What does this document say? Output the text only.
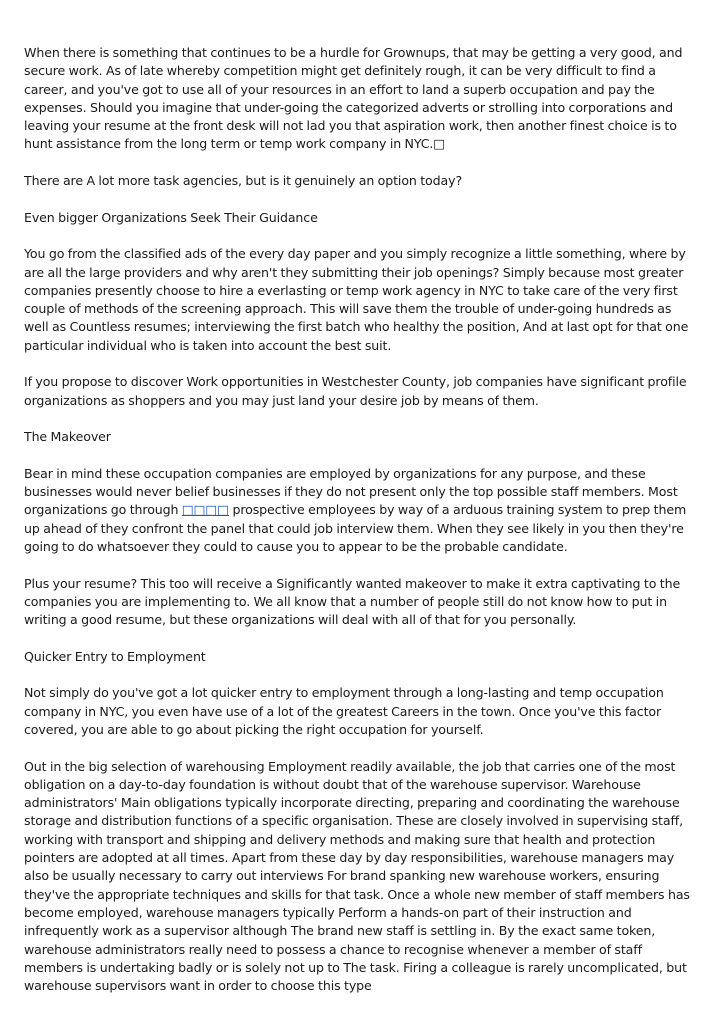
When there is something that continues to be a hurdle for Grownups, that may be getting a very good, and secure work. As of late whereby competition might get definitely rough, it can be very difficult to find a career, and you've got to use all of your resources in an effort to land a superb occupation and pay the expenses. Should you imagine that under-going the categorized adverts or strolling into corporations and leaving your resume at the front desk will not lad you that aspiration work, then another finest choice is to hunt assistance from the long term or temp work company in NYC.□

There are A lot more task agencies, but is it genuinely an option today?

Even bigger Organizations Seek Their Guidance

You go from the classified ads of the every day paper and you simply recognize a little something, where by are all the large providers and why aren't they submitting their job openings? Simply because most greater companies presently choose to hire a everlasting or temp work agency in NYC to take care of the very first couple of methods of the screening approach. This will save them the trouble of under-going hundreds as well as Countless resumes; interviewing the first batch who healthy the position, And at last opt for that one particular individual who is taken into account the best suit.

If you propose to discover Work opportunities in Westchester County, job companies have significant profile organizations as shoppers and you may just land your desire job by means of them.

The Makeover

Bear in mind these occupation companies are employed by organizations for any purpose, and these businesses would never belief businesses if they do not present only the top possible staff members. Most organizations go through □□□□ prospective employees by way of a arduous training system to prep them up ahead of they confront the panel that could job interview them. When they see likely in you then they're going to do whatsoever they could to cause you to appear to be the probable candidate.

Plus your resume? This too will receive a Significantly wanted makeover to make it extra captivating to the companies you are implementing to. We all know that a number of people still do not know how to put in writing a good resume, but these organizations will deal with all of that for you personally.

Quicker Entry to Employment

Not simply do you've got a lot quicker entry to employment through a long-lasting and temp occupation company in NYC, you even have use of a lot of the greatest Careers in the town. Once you've this factor covered, you are able to go about picking the right occupation for yourself.

Out in the big selection of warehousing Employment readily available, the job that carries one of the most obligation on a day-to-day foundation is without doubt that of the warehouse supervisor. Warehouse administrators' Main obligations typically incorporate directing, preparing and coordinating the warehouse storage and distribution functions of a specific organisation. These are closely involved in supervising staff, working with transport and shipping and delivery methods and making sure that health and protection pointers are adopted at all times. Apart from these day by day responsibilities, warehouse managers may also be usually necessary to carry out interviews For brand spanking new warehouse workers, ensuring they've the appropriate techniques and skills for that task. Once a whole new member of staff members has become employed, warehouse managers typically Perform a hands-on part of their instruction and infrequently work as a supervisor although The brand new staff is settling in. By the exact same token, warehouse administrators really need to possess a chance to recognise whenever a member of staff members is undertaking badly or is solely not up to The task. Firing a colleague is rarely uncomplicated, but warehouse supervisors want in order to choose this type
